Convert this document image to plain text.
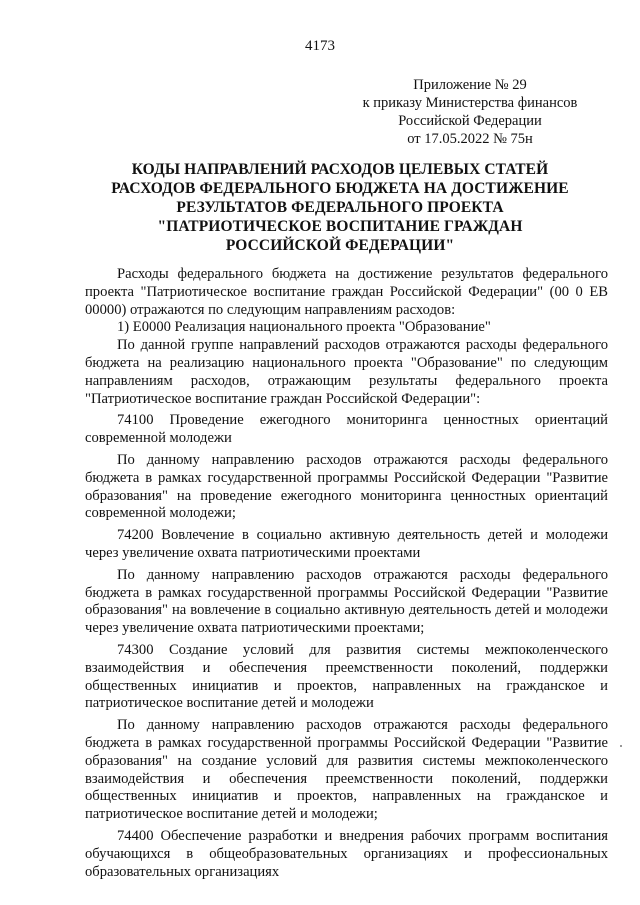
4173
Приложение № 29
к приказу Министерства финансов
Российской Федерации
от 17.05.2022 № 75н
КОДЫ НАПРАВЛЕНИЙ РАСХОДОВ ЦЕЛЕВЫХ СТАТЕЙ
РАСХОДОВ ФЕДЕРАЛЬНОГО БЮДЖЕТА НА ДОСТИЖЕНИЕ
РЕЗУЛЬТАТОВ ФЕДЕРАЛЬНОГО ПРОЕКТА
"ПАТРИОТИЧЕСКОЕ ВОСПИТАНИЕ ГРАЖДАН
РОССИЙСКОЙ ФЕДЕРАЦИИ"

Расходы федерального бюджета на достижение результатов федерального проекта "Патриотическое воспитание граждан Российской Федерации" (00 0 ЕВ 00000) отражаются по следующим направлениям расходов:

1) Е0000 Реализация национального проекта "Образование"

По данной группе направлений расходов отражаются расходы федерального бюджета на реализацию национального проекта "Образование" по следующим направлениям расходов, отражающим результаты федерального проекта "Патриотическое воспитание граждан Российской Федерации":

74100 Проведение ежегодного мониторинга ценностных ориентаций современной молодежи

По данному направлению расходов отражаются расходы федерального бюджета в рамках государственной программы Российской Федерации "Развитие образования" на проведение ежегодного мониторинга ценностных ориентаций современной молодежи;

74200 Вовлечение в социально активную деятельность детей и молодежи через увеличение охвата патриотическими проектами

По данному направлению расходов отражаются расходы федерального бюджета в рамках государственной программы Российской Федерации "Развитие образования" на вовлечение в социально активную деятельность детей и молодежи через увеличение охвата патриотическими проектами;

74300 Создание условий для развития системы межпоколенческого взаимодействия и обеспечения преемственности поколений, поддержки общественных инициатив и проектов, направленных на гражданское и патриотическое воспитание детей и молодежи

По данному направлению расходов отражаются расходы федерального бюджета в рамках государственной программы Российской Федерации "Развитие образования" на создание условий для развития системы межпоколенческого взаимодействия и обеспечения преемственности поколений, поддержки общественных инициатив и проектов, направленных на гражданское и патриотическое воспитание детей и молодежи;

74400 Обеспечение разработки и внедрения рабочих программ воспитания обучающихся в общеобразовательных организациях и профессиональных образовательных организациях
